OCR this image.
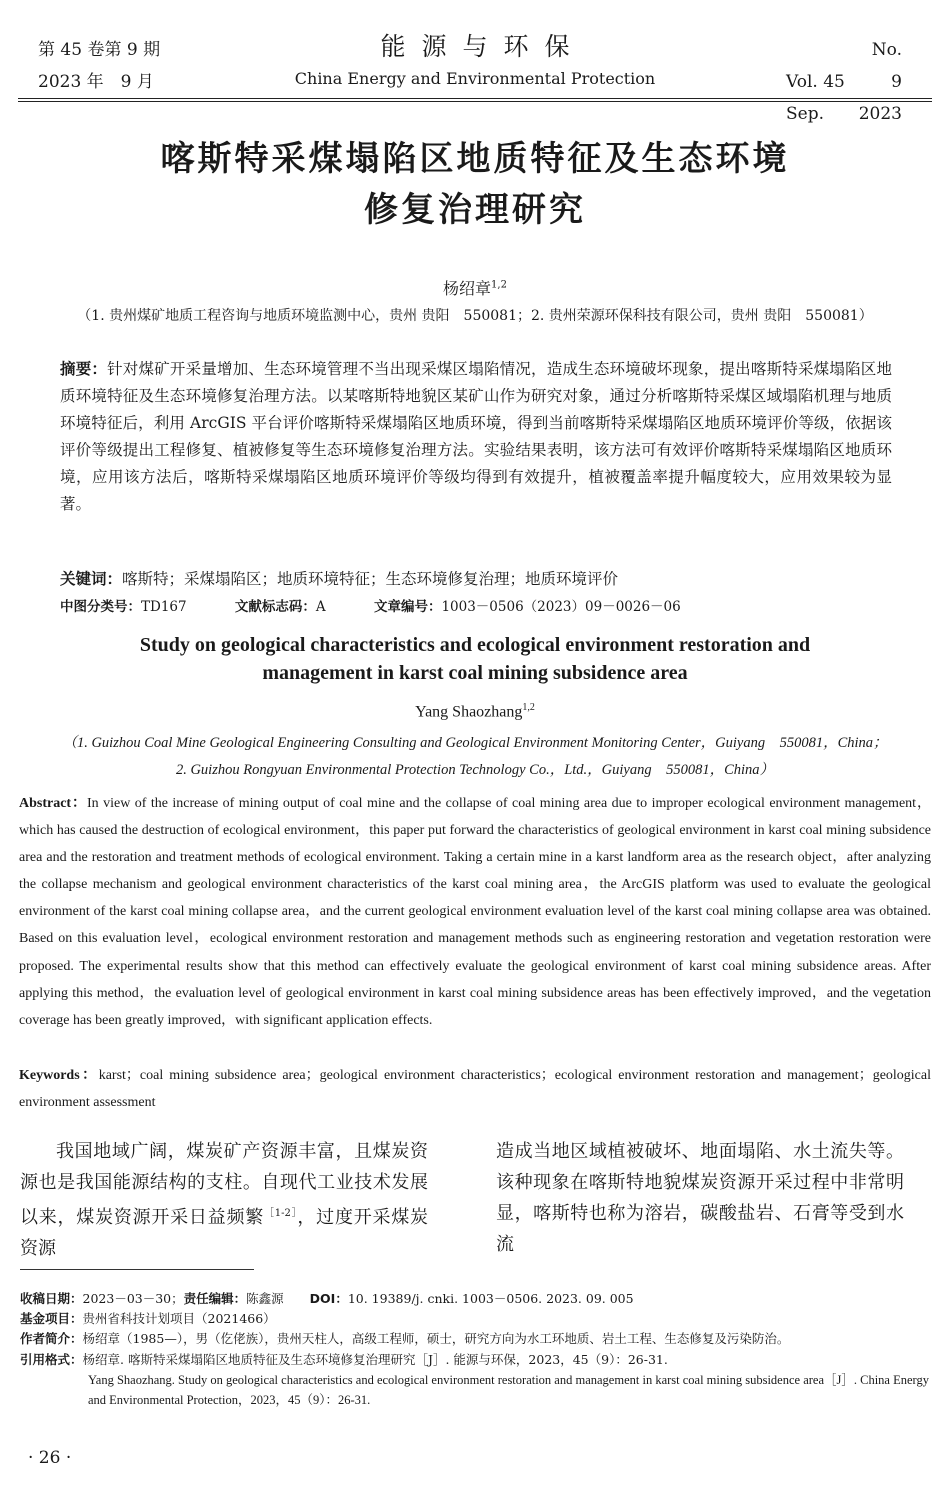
第 45 卷第 9 期
2023 年　9 月
能源与环保
China Energy and Environmental Protection	Vol. 45No. 9
Sep. 2023
喀斯特采煤塌陷区地质特征及生态环境
修复治理研究
杨绍章$^{1,2}$
（1. 贵州煤矿地质工程咨询与地质环境监测中心，贵州 贵阳　550081；2. 贵州荣源环保科技有限公司，贵州 贵阳　550081）
摘要：针对煤矿开采量增加、生态环境管理不当出现采煤区塌陷情况，造成生态环境破坏现象，提出喀斯特采煤塌陷区地质环境特征及生态环境修复治理方法。以某喀斯特地貌区某矿山作为研究对象，通过分析喀斯特采煤区域塌陷机理与地质环境特征后，利用 ArcGIS 平台评价喀斯特采煤塌陷区地质环境，得到当前喀斯特采煤塌陷区地质环境评价等级，依据该评价等级提出工程修复、植被修复等生态环境修复治理方法。实验结果表明，该方法可有效评价喀斯特采煤塌陷区地质环境，应用该方法后，喀斯特采煤塌陷区地质环境评价等级均得到有效提升，植被覆盖率提升幅度较大，应用效果较为显著。
关键词：喀斯特；采煤塌陷区；地质环境特征；生态环境修复治理；地质环境评价
中图分类号：TD167	文献标志码：A	文章编号：1003－0506（2023）09－0026－06
Study on geological characteristics and ecological environment restoration and
management in karst coal mining subsidence area
Yang Shaozhang$^{1,2}$
（1. Guizhou Coal Mine Geological Engineering Consulting and Geological Environment Monitoring Center，Guiyang　550081，China；
2. Guizhou Rongyuan Environmental Protection Technology Co.，Ltd.，Guiyang　550081，China）
Abstract：In view of the increase of mining output of coal mine and the collapse of coal mining area due to improper ecological environment management，which has caused the destruction of ecological environment，this paper put forward the characteristics of geological environment in karst coal mining subsidence area and the restoration and treatment methods of ecological environment. Taking a certain mine in a karst landform area as the research object，after analyzing the collapse mechanism and geological environment characteristics of the karst coal mining area，the ArcGIS platform was used to evaluate the geological environment of the karst coal mining collapse area，and the current geological environment evaluation level of the karst coal mining collapse area was obtained. Based on this evaluation level，ecological environment restoration and management methods such as engineering restoration and vegetation restoration were proposed. The experimental results show that this method can effectively evaluate the geological environment of karst coal mining subsidence areas. After applying this method，the evaluation level of geological environment in karst coal mining subsidence areas has been effectively improved，and the vegetation coverage has been greatly improved，with significant application effects.
Keywords：karst；coal mining subsidence area；geological environment characteristics；ecological environment restoration and management；geological environment assessment
我国地域广阔，煤炭矿产资源丰富，且煤炭资源也是我国能源结构的支柱。自现代工业技术发展以来，煤炭资源开采日益频繁$^{[1-2]}$，过度开采煤炭资源
造成当地区域植被破坏、地面塌陷、水土流失等。该种现象在喀斯特地貌煤炭资源开采过程中非常明显，喀斯特也称为溶岩，碳酸盐岩、石膏等受到水流
收稿日期：2023－03－30；责任编辑：陈鑫源 DOI：10. 19389/j. cnki. 1003－0506. 2023. 09. 005
基金项目：贵州省科技计划项目（2021466）
作者简介：杨绍章（1985—），男（仡佬族），贵州天柱人，高级工程师，硕士，研究方向为水工环地质、岩土工程、生态修复及污染防治。
引用格式：杨绍章. 喀斯特采煤塌陷区地质特征及生态环境修复治理研究［J］. 能源与环保，2023，45（9）：26-31.
Yang Shaozhang. Study on geological characteristics and ecological environment restoration and management in karst coal mining subsidence area［J］. China Energy and Environmental Protection，2023，45（9）：26-31.
· 26 ·
